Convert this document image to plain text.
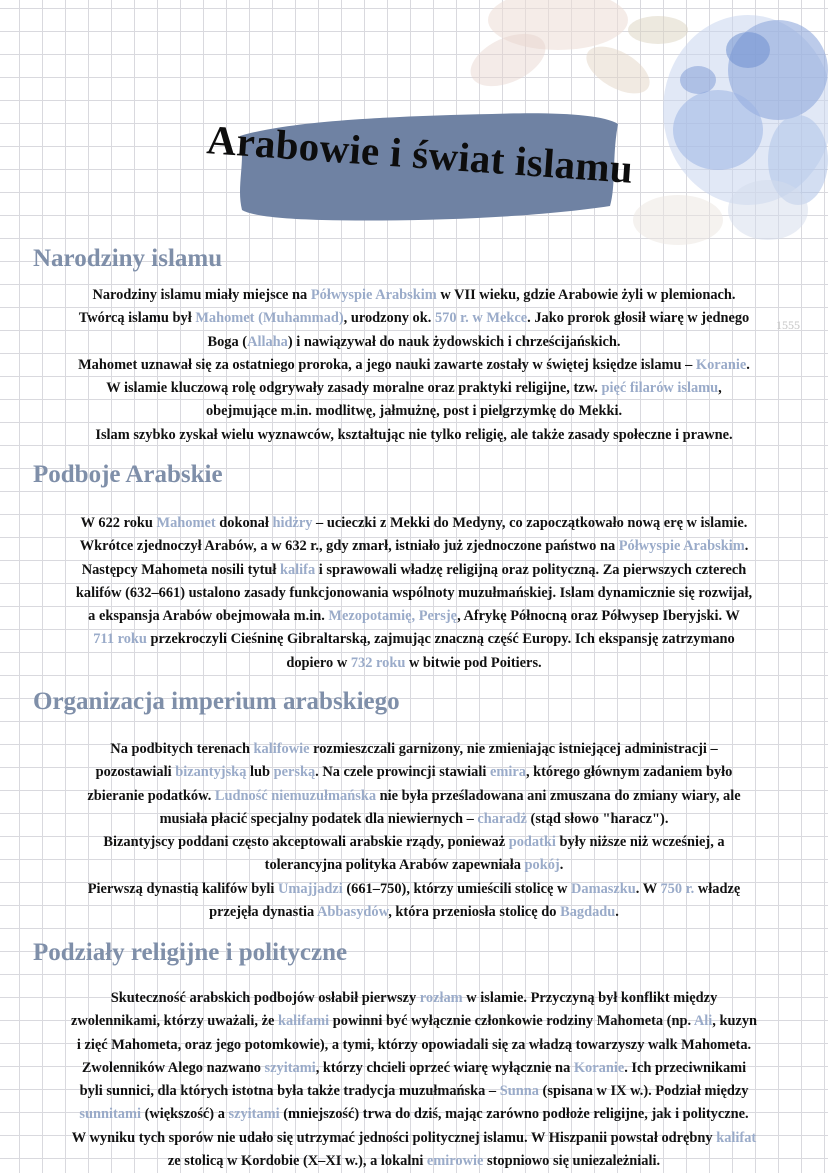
Arabowie i świat islamu
1555
Narodziny islamu
Narodziny islamu miały miejsce na Półwyspie Arabskim w VII wieku, gdzie Arabowie żyli w plemionach.
Twórcą islamu był Mahomet (Muhammad), urodzony ok. 570 r. w Mekce. Jako prorok głosił wiarę w jednego
Boga (Allaha) i nawiązywał do nauk żydowskich i chrześcijańskich.
Mahomet uznawał się za ostatniego proroka, a jego nauki zawarte zostały w świętej księdze islamu – Koranie.
W islamie kluczową rolę odgrywały zasady moralne oraz praktyki religijne, tzw. pięć filarów islamu,
obejmujące m.in. modlitwę, jałmużnę, post i pielgrzymkę do Mekki.
Islam szybko zyskał wielu wyznawców, kształtując nie tylko religię, ale także zasady społeczne i prawne.
Podboje Arabskie
W 622 roku Mahomet dokonał hidżry – ucieczki z Mekki do Medyny, co zapoczątkowało nową erę w islamie.
Wkrótce zjednoczył Arabów, a w 632 r., gdy zmarł, istniało już zjednoczone państwo na Półwyspie Arabskim.
Następcy Mahometa nosili tytuł kalifa i sprawowali władzę religijną oraz polityczną. Za pierwszych czterech
kalifów (632–661) ustalono zasady funkcjonowania wspólnoty muzułmańskiej. Islam dynamicznie się rozwijał,
a ekspansja Arabów obejmowała m.in. Mezopotamię, Persję, Afrykę Północną oraz Półwysep Iberyjski. W
711 roku przekroczyli Cieśninę Gibraltarską, zajmując znaczną część Europy. Ich ekspansję zatrzymano
dopiero w 732 roku w bitwie pod Poitiers.
Organizacja imperium arabskiego
Na podbitych terenach kalifowie rozmieszczali garnizony, nie zmieniając istniejącej administracji –
pozostawiali bizantyjską lub perską. Na czele prowincji stawiali emira, którego głównym zadaniem było
zbieranie podatków. Ludność niemuzułmańska nie była prześladowana ani zmuszana do zmiany wiary, ale
musiała płacić specjalny podatek dla niewiernych – charadż (stąd słowo "haracz").
Bizantyjscy poddani często akceptowali arabskie rządy, ponieważ podatki były niższe niż wcześniej, a
tolerancyjna polityka Arabów zapewniała pokój.
Pierwszą dynastią kalifów byli Umajjadzi (661–750), którzy umieścili stolicę w Damaszku. W 750 r. władzę
przejęła dynastia Abbasydów, która przeniosła stolicę do Bagdadu.
Podziały religijne i polityczne
Skuteczność arabskich podbojów osłabił pierwszy rozłam w islamie. Przyczyną był konflikt między
zwolennikami, którzy uważali, że kalifami powinni być wyłącznie członkowie rodziny Mahometa (np. Ali, kuzyn
i zięć Mahometa, oraz jego potomkowie), a tymi, którzy opowiadali się za władzą towarzyszy walk Mahometa.
Zwolenników Alego nazwano szyitami, którzy chcieli oprzeć wiarę wyłącznie na Koranie. Ich przeciwnikami
byli sunnici, dla których istotna była także tradycja muzułmańska – Sunna (spisana w IX w.). Podział między
sunnitami (większość) a szyitami (mniejszość) trwa do dziś, mając zarówno podłoże religijne, jak i polityczne.
W wyniku tych sporów nie udało się utrzymać jedności politycznej islamu. W Hiszpanii powstał odrębny kalifat
ze stolicą w Kordobie (X–XI w.), a lokalni emirowie stopniowo się uniezależniali.
